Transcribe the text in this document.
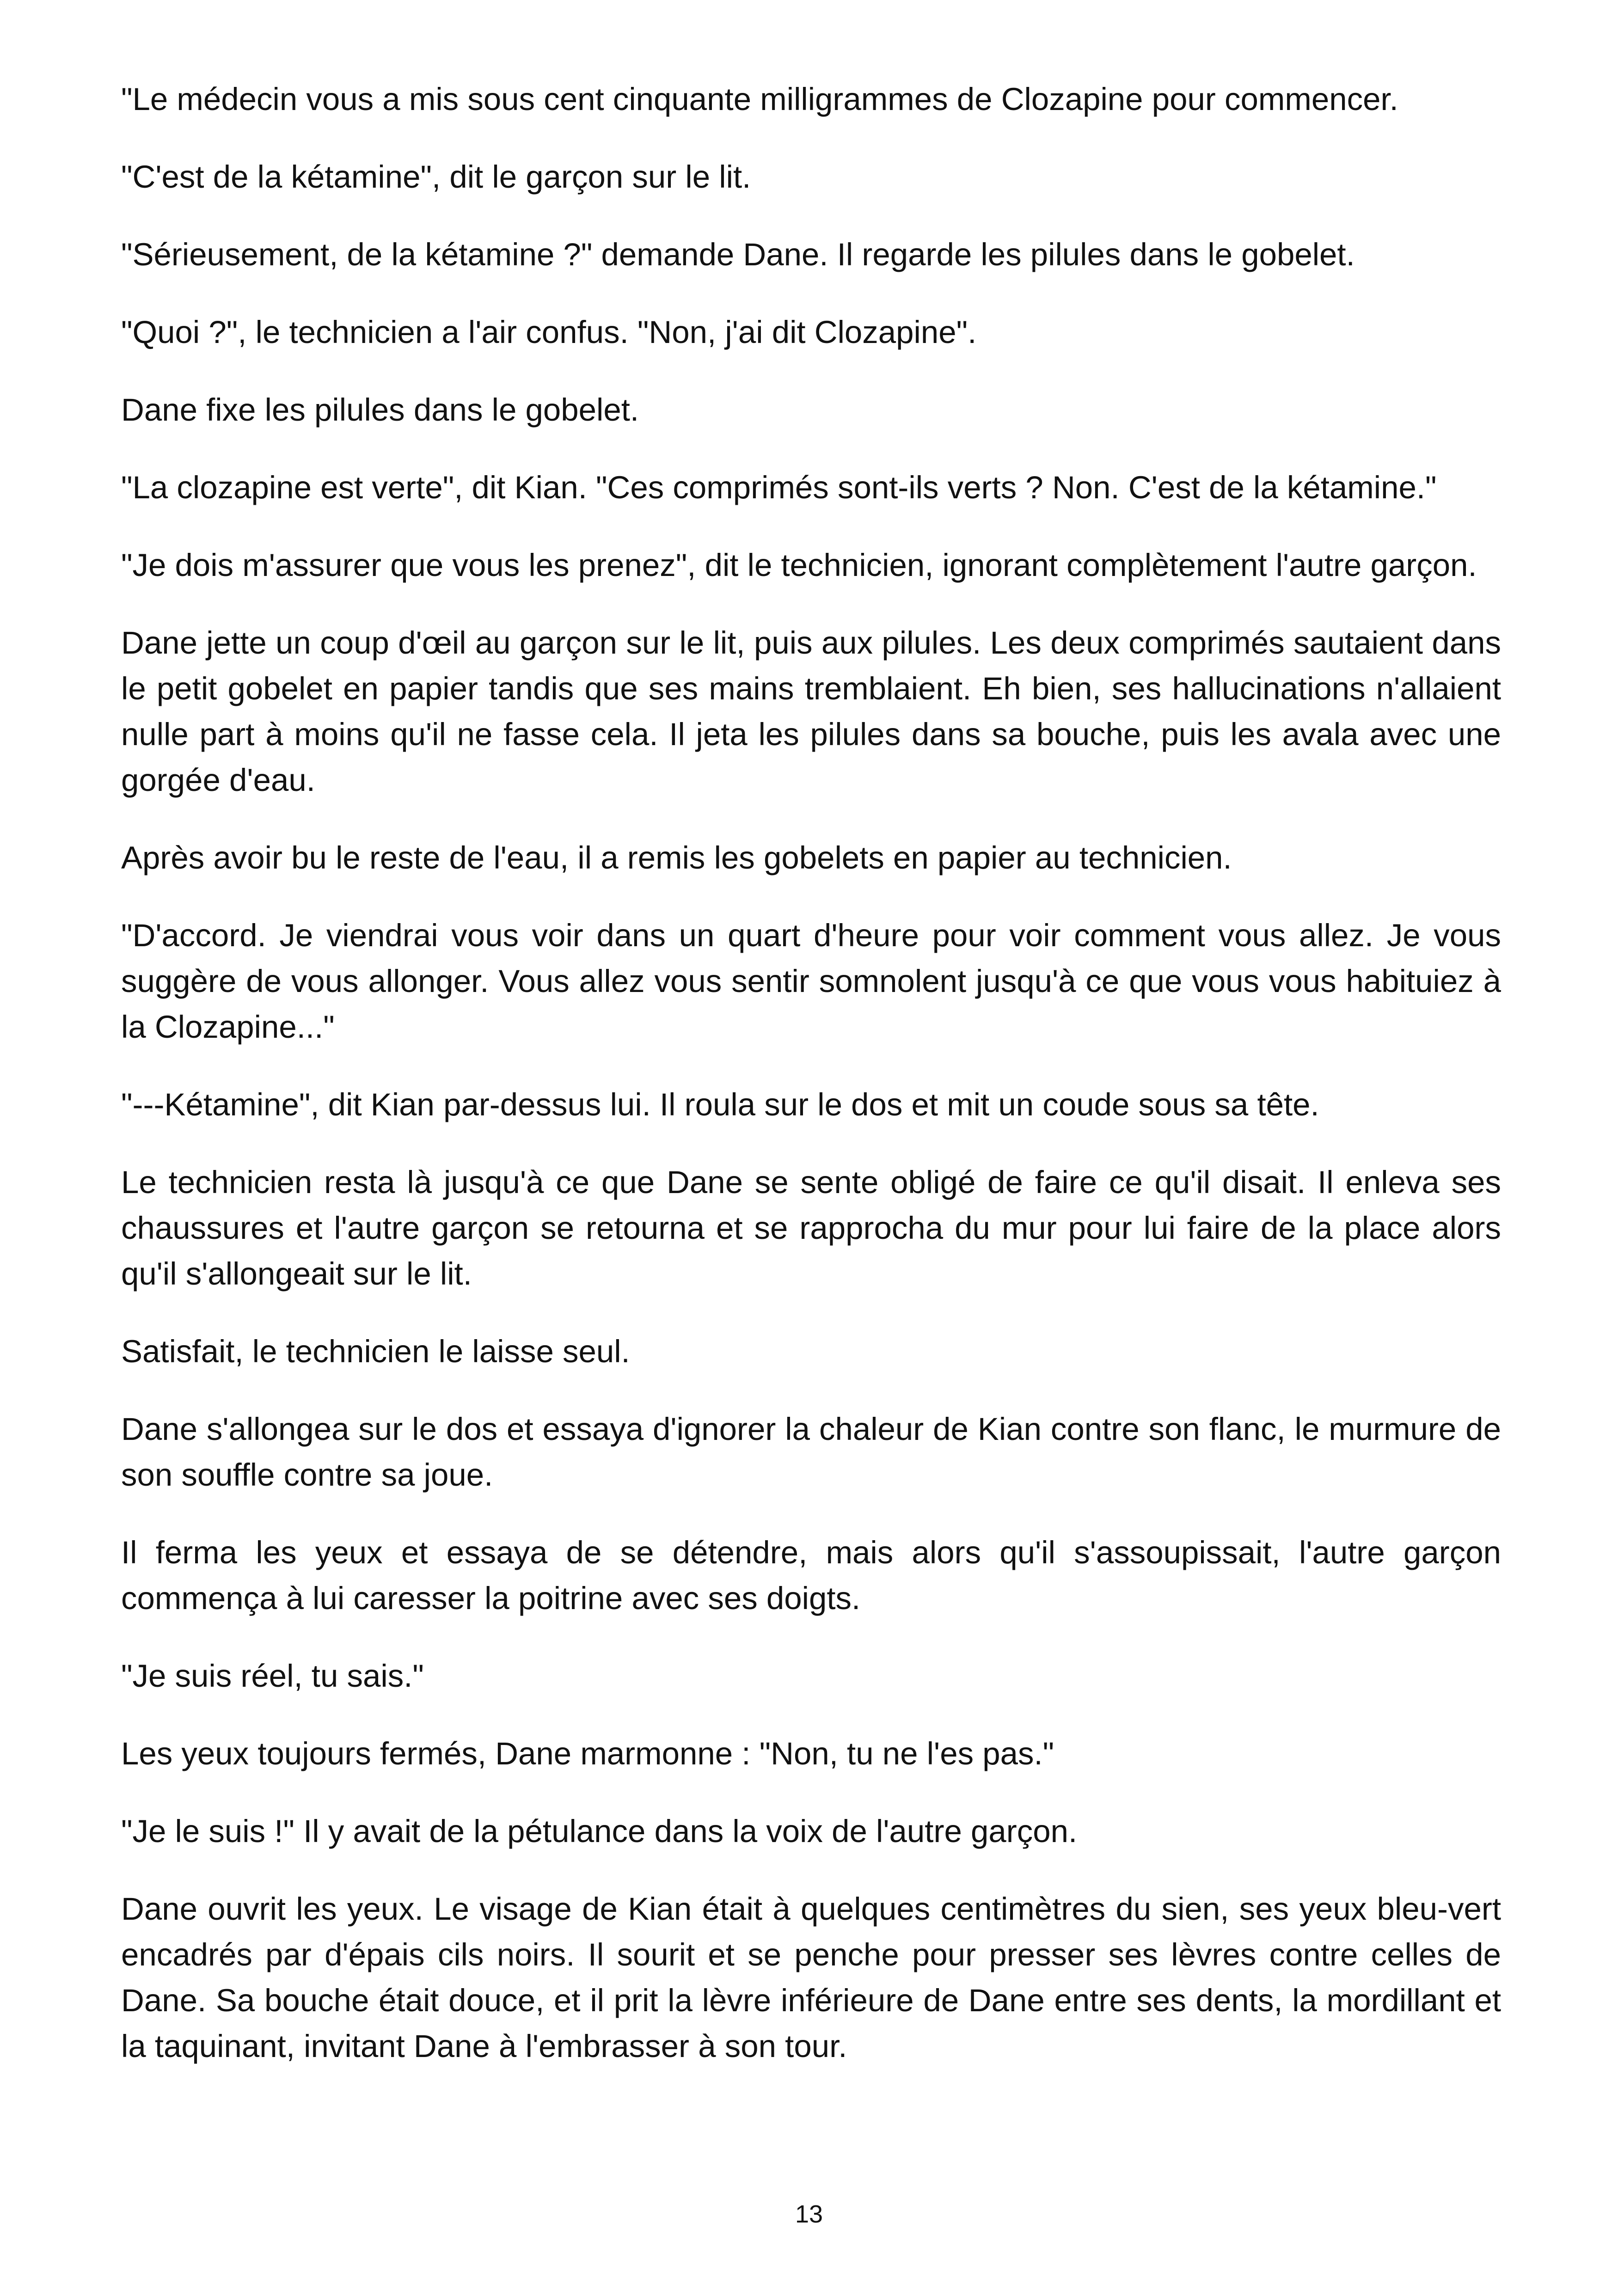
"Le médecin vous a mis sous cent cinquante milligrammes de Clozapine pour commencer.

"C'est de la kétamine", dit le garçon sur le lit.

"Sérieusement, de la kétamine ?" demande Dane. Il regarde les pilules dans le gobelet.

"Quoi ?", le technicien a l'air confus. "Non, j'ai dit Clozapine".

Dane fixe les pilules dans le gobelet.

"La clozapine est verte", dit Kian. "Ces comprimés sont-ils verts ? Non. C'est de la kétamine."

"Je dois m'assurer que vous les prenez", dit le technicien, ignorant complètement l'autre garçon.

Dane jette un coup d'œil au garçon sur le lit, puis aux pilules. Les deux comprimés sautaient dans le petit gobelet en papier tandis que ses mains tremblaient. Eh bien, ses hallucinations n'allaient nulle part à moins qu'il ne fasse cela. Il jeta les pilules dans sa bouche, puis les avala avec une gorgée d'eau.

Après avoir bu le reste de l'eau, il a remis les gobelets en papier au technicien.

"D'accord. Je viendrai vous voir dans un quart d'heure pour voir comment vous allez. Je vous suggère de vous allonger. Vous allez vous sentir somnolent jusqu'à ce que vous vous habituiez à la Clozapine..."

"---Kétamine", dit Kian par-dessus lui. Il roula sur le dos et mit un coude sous sa tête.

Le technicien resta là jusqu'à ce que Dane se sente obligé de faire ce qu'il disait. Il enleva ses chaussures et l'autre garçon se retourna et se rapprocha du mur pour lui faire de la place alors qu'il s'allongeait sur le lit.

Satisfait, le technicien le laisse seul.

Dane s'allongea sur le dos et essaya d'ignorer la chaleur de Kian contre son flanc, le murmure de son souffle contre sa joue.

Il ferma les yeux et essaya de se détendre, mais alors qu'il s'assoupissait, l'autre garçon commença à lui caresser la poitrine avec ses doigts.

"Je suis réel, tu sais."

Les yeux toujours fermés, Dane marmonne : "Non, tu ne l'es pas."

"Je le suis !" Il y avait de la pétulance dans la voix de l'autre garçon.

Dane ouvrit les yeux. Le visage de Kian était à quelques centimètres du sien, ses yeux bleu-vert encadrés par d'épais cils noirs. Il sourit et se penche pour presser ses lèvres contre celles de Dane. Sa bouche était douce, et il prit la lèvre inférieure de Dane entre ses dents, la mordillant et la taquinant, invitant Dane à l'embrasser à son tour.

13
